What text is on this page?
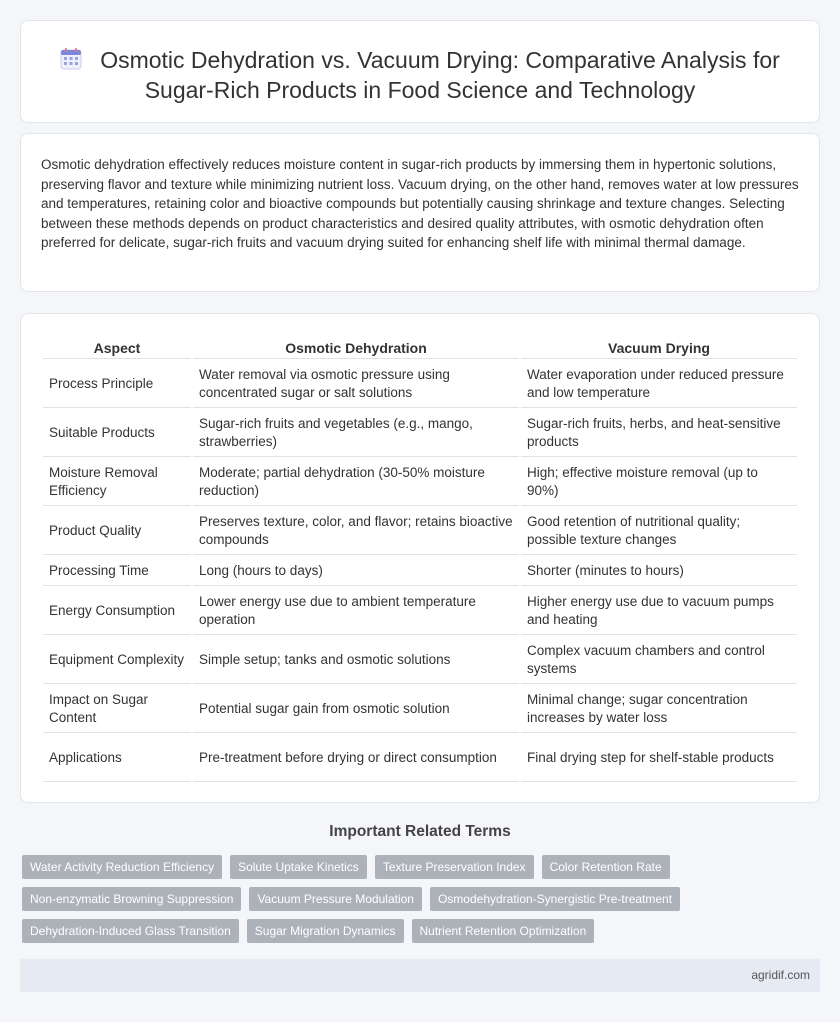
Osmotic Dehydration vs. Vacuum Drying: Comparative Analysis for Sugar-Rich Products in Food Science and Technology

Osmotic dehydration effectively reduces moisture content in sugar-rich products by immersing them in hypertonic solutions, preserving flavor and texture while minimizing nutrient loss. Vacuum drying, on the other hand, removes water at low pressures and temperatures, retaining color and bioactive compounds but potentially causing shrinkage and texture changes. Selecting between these methods depends on product characteristics and desired quality attributes, with osmotic dehydration often preferred for delicate, sugar-rich fruits and vacuum drying suited for enhancing shelf life with minimal thermal damage.

Aspect	Osmotic Dehydration	Vacuum Drying
Process Principle	Water removal via osmotic pressure using concentrated sugar or salt solutions	Water evaporation under reduced pressure and low temperature
Suitable Products	Sugar-rich fruits and vegetables (e.g., mango, strawberries)	Sugar-rich fruits, herbs, and heat-sensitive products
Moisture Removal Efficiency	Moderate; partial dehydration (30-50% moisture reduction)	High; effective moisture removal (up to 90%)
Product Quality	Preserves texture, color, and flavor; retains bioactive compounds	Good retention of nutritional quality; possible texture changes
Processing Time	Long (hours to days)	Shorter (minutes to hours)
Energy Consumption	Lower energy use due to ambient temperature operation	Higher energy use due to vacuum pumps and heating
Equipment Complexity	Simple setup; tanks and osmotic solutions	Complex vacuum chambers and control systems
Impact on Sugar Content	Potential sugar gain from osmotic solution	Minimal change; sugar concentration increases by water loss
Applications	Pre-treatment before drying or direct consumption	Final drying step for shelf-stable products
Important Related Terms
Water Activity Reduction Efficiency	Solute Uptake Kinetics	Texture Preservation Index	Color Retention Rate
Non-enzymatic Browning Suppression	Vacuum Pressure Modulation	Osmodehydration-Synergistic Pre-treatment
Dehydration-Induced Glass Transition	Sugar Migration Dynamics	Nutrient Retention Optimization
agridif.com
